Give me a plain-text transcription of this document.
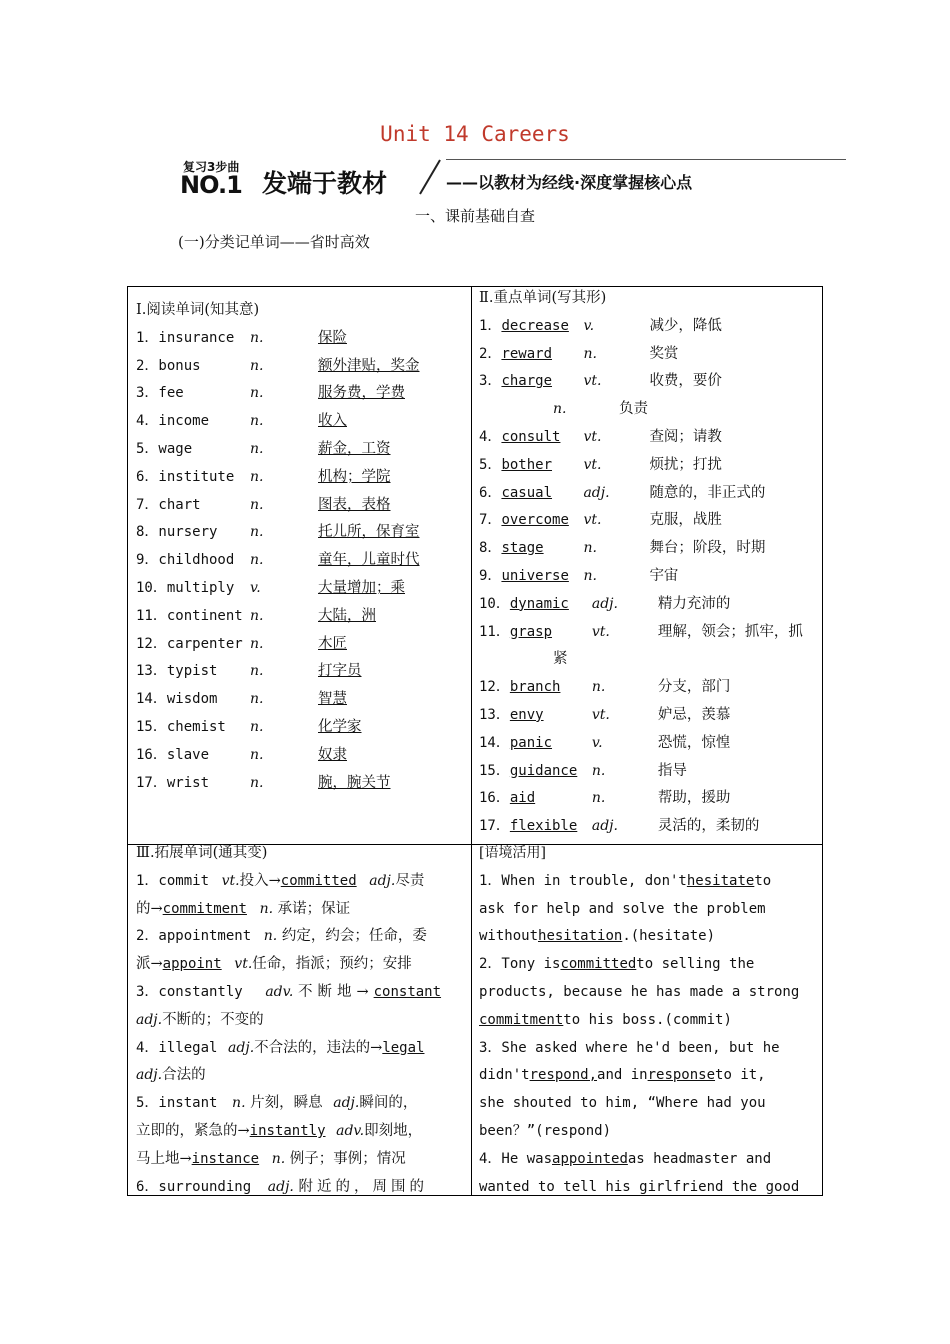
Unit 14 Careers
复习3步曲
NO.1 发端于教材	——以教材为经线·深度掌握核心点
一、课前基础自查
(一)分类记单词——省时高效
Ⅰ.阅读单词(知其意)
1．insurance n.	保险
2．bonus	n.	额外津贴，奖金
3．fee	n.	服务费，学费
4．income	n.	收入
5．wage	n.	薪金，工资
6．institute n.	机构；学院
7．chart	n.	图表，表格
8．nursery n.	托儿所，保育室
9．childhood n.	童年，儿童时代
10．multiply v.	大量增加；乘
11．continent n.	大陆，洲
12．carpenter n.	木匠
13．typist n.	打字员
14．wisdom n.	智慧
15．chemist n.	化学家
16．slave	n.	奴隶
17．wrist	n.	腕，腕关节
Ⅱ.重点单词(写其形)
1．decrease v.	减少，降低
2．reward n.	奖赏
3．charge vt.	收费，要价
n.	负责
4．consult vt.	查阅；请教
5．bother vt.	烦扰；打扰
6．casual adj.	随意的，非正式的
7．overcome vt.	克服，战胜
8．stage	n.	舞台；阶段，时期
9．universe n.	宇宙
10．dynamic adj.	精力充沛的
11．grasp	vt.	理解，领会；抓牢，抓
紧
12．branch n.	分支，部门
13．envy	vt.	妒忌，羡慕
14．panic	v.	恐慌，惊惶
15．guidance n.	指导
16．aid	n.	帮助，援助
17．flexible adj.	灵活的，柔韧的
Ⅲ.拓展单词(通其变)
1．commit vt.投入→committed adj.尽责
的→commitment n. 承诺；保证
2．appointment n. 约定，约会；任命，委
派→appoint vt.任命，指派；预约；安排
3．constantly adv. 不断地→constant
adj.不断的；不变的
4．illegal adj.不合法的，违法的→legal
adj.合法的
5．instant n. 片刻，瞬息 adj.瞬间的，
立即的，紧急的→instantly adv.即刻地，
马上地→instance n. 例子；事例；情况
6．surrounding adj. 附近的，周围的
[语境活用]
1．When in trouble, don'thesitateto
ask for help and solve the problem
withouthesitation.(hesitate)
2．Tony iscommittedto selling the
products, because he has made a strong
commitmentto his boss.(commit)
3．She asked where he'd been, but he
didn'trespond,and inresponseto it,
she shouted to him, “Where had you
been？”(respond)
4．He wasappointedas headmaster and
wanted to tell his girlfriend the good
